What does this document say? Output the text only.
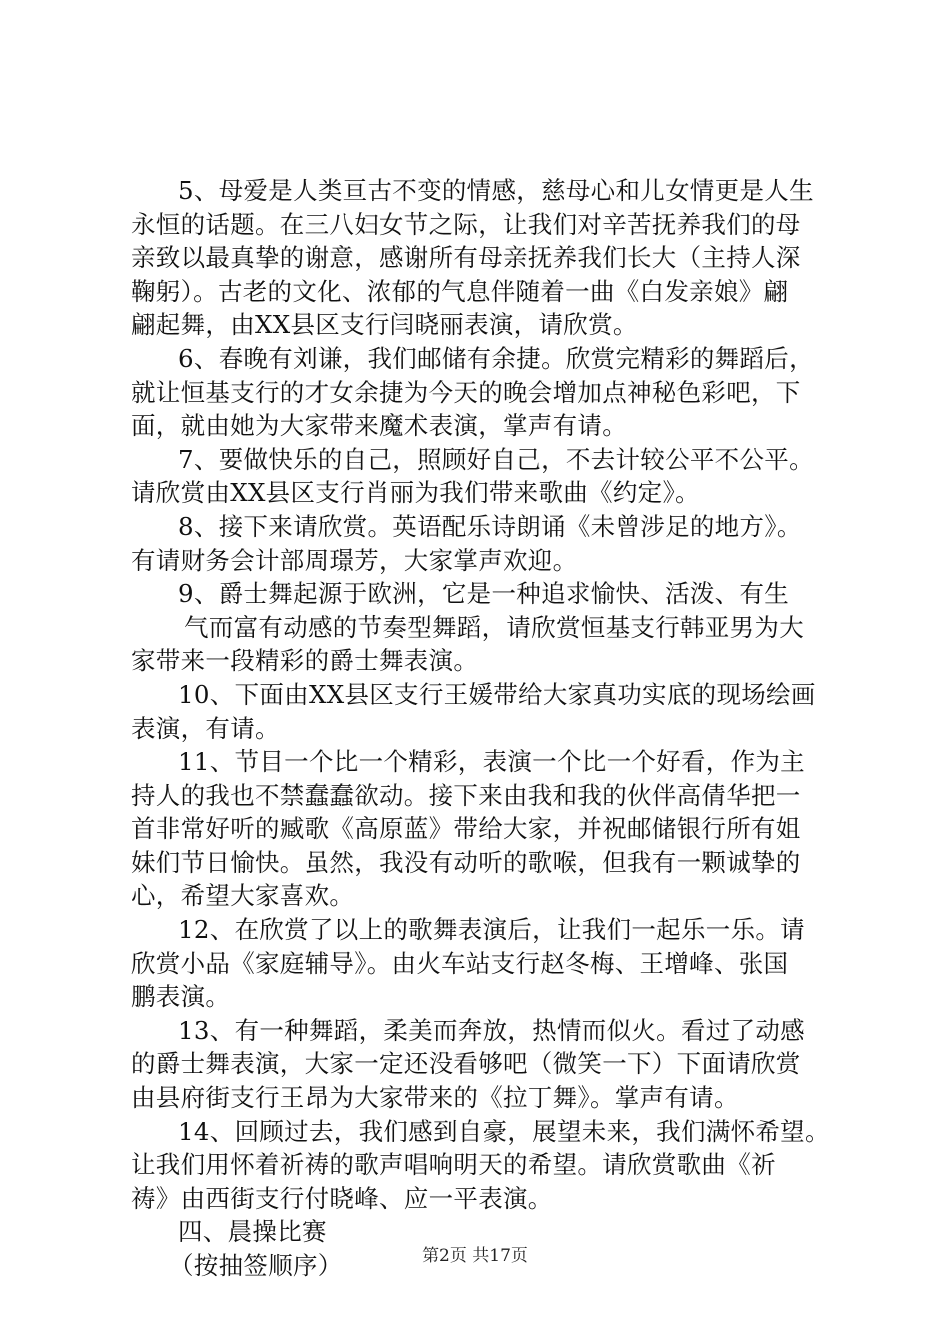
5、母爱是人类亘古不变的情感，慈母心和儿女情更是人生
永恒的话题。在三八妇女节之际，让我们对辛苦抚养我们的母
亲致以最真挚的谢意，感谢所有母亲抚养我们长大（主持人深
鞠躬）。古老的文化、浓郁的气息伴随着一曲《白发亲娘》翩
翩起舞，由XX县区支行闫晓丽表演，请欣赏。
6、春晚有刘谦，我们邮储有余捷。欣赏完精彩的舞蹈后，
就让恒基支行的才女余捷为今天的晚会增加点神秘色彩吧，下
面，就由她为大家带来魔术表演，掌声有请。
7、要做快乐的自己，照顾好自己，不去计较公平不公平。
请欣赏由XX县区支行肖丽为我们带来歌曲《约定》。
8、接下来请欣赏。英语配乐诗朗诵《未曾涉足的地方》。
有请财务会计部周璟芳，大家掌声欢迎。
9、爵士舞起源于欧洲，它是一种追求愉快、活泼、有生
气而富有动感的节奏型舞蹈，请欣赏恒基支行韩亚男为大
家带来一段精彩的爵士舞表演。
10、下面由XX县区支行王媛带给大家真功实底的现场绘画
表演，有请。
11、节目一个比一个精彩，表演一个比一个好看，作为主
持人的我也不禁蠢蠢欲动。接下来由我和我的伙伴高倩华把一
首非常好听的臧歌《高原蓝》带给大家，并祝邮储银行所有姐
妹们节日愉快。虽然，我没有动听的歌喉，但我有一颗诚挚的
心，希望大家喜欢。
12、在欣赏了以上的歌舞表演后，让我们一起乐一乐。请
欣赏小品《家庭辅导》。由火车站支行赵冬梅、王增峰、张国
鹏表演。
13、有一种舞蹈，柔美而奔放，热情而似火。看过了动感
的爵士舞表演，大家一定还没看够吧（微笑一下）下面请欣赏
由县府街支行王昂为大家带来的《拉丁舞》。掌声有请。
14、回顾过去，我们感到自豪，展望未来，我们满怀希望。
让我们用怀着祈祷的歌声唱响明天的希望。请欣赏歌曲《祈
祷》由西街支行付晓峰、应一平表演。
四、晨操比赛
（按抽签顺序）	第2页 共17页
